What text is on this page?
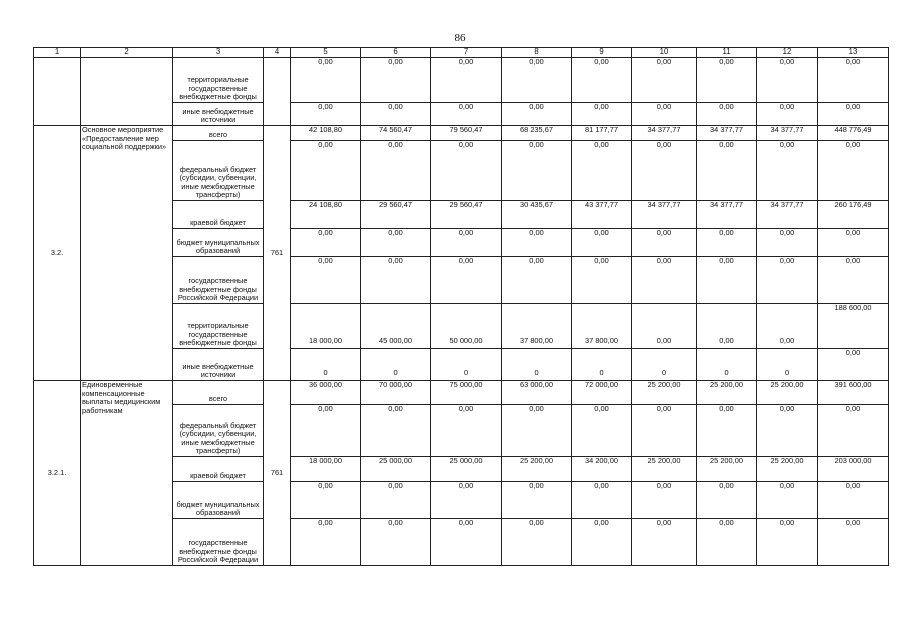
86
1	2	3	4	5	6	7	8	9	10	11	12	13
		территориальные государственные внебюджетные фонды		0,00	0,00	0,00	0,00	0,00	0,00	0,00	0,00	0,00
		иные внебюджетные источники		0,00	0,00	0,00	0,00	0,00	0,00	0,00	0,00	0,00
3.2.	Основное мероприятие «Предоставление мер социальной поддержки»	всего	761	42 108,80	74 560,47	79 560,47	68 235,67	81 177,77	34 377,77	34 377,77	34 377,77	448 776,49
		федеральный бюджет (субсидии, субвенции, иные межбюджетные трансферты)		0,00	0,00	0,00	0,00	0,00	0,00	0,00	0,00	0,00
		краевой бюджет		24 108,80	29 560,47	29 560,47	30 435,67	43 377,77	34 377,77	34 377,77	34 377,77	260 176,49
		бюджет муниципальных образований		0,00	0,00	0,00	0,00	0,00	0,00	0,00	0,00	0,00
		государственные внебюджетные фонды Российской Федерации		0,00	0,00	0,00	0,00	0,00	0,00	0,00	0,00	0,00
		территориальные государственные внебюджетные фонды		18 000,00	45 000,00	50 000,00	37 800,00	37 800,00	0,00	0,00	0,00	188 600,00
		иные внебюджетные источники		0	0	0	0	0	0	0	0	0,00
3.2.1.	Единовременные компенсационные выплаты медицинским работникам	всего	761	36 000,00	70 000,00	75 000,00	63 000,00	72 000,00	25 200,00	25 200,00	25 200,00	391 600,00
		федеральный бюджет (субсидии, субвенции, иные межбюджетные трансферты)		0,00	0,00	0,00	0,00	0,00	0,00	0,00	0,00	0,00
		краевой бюджет		18 000,00	25 000,00	25 000,00	25 200,00	34 200,00	25 200,00	25 200,00	25 200,00	203 000,00
		бюджет муниципальных образований		0,00	0,00	0,00	0,00	0,00	0,00	0,00	0,00	0,00
		государственные внебюджетные фонды Российской Федерации		0,00	0,00	0,00	0,00	0,00	0,00	0,00	0,00	0,00
